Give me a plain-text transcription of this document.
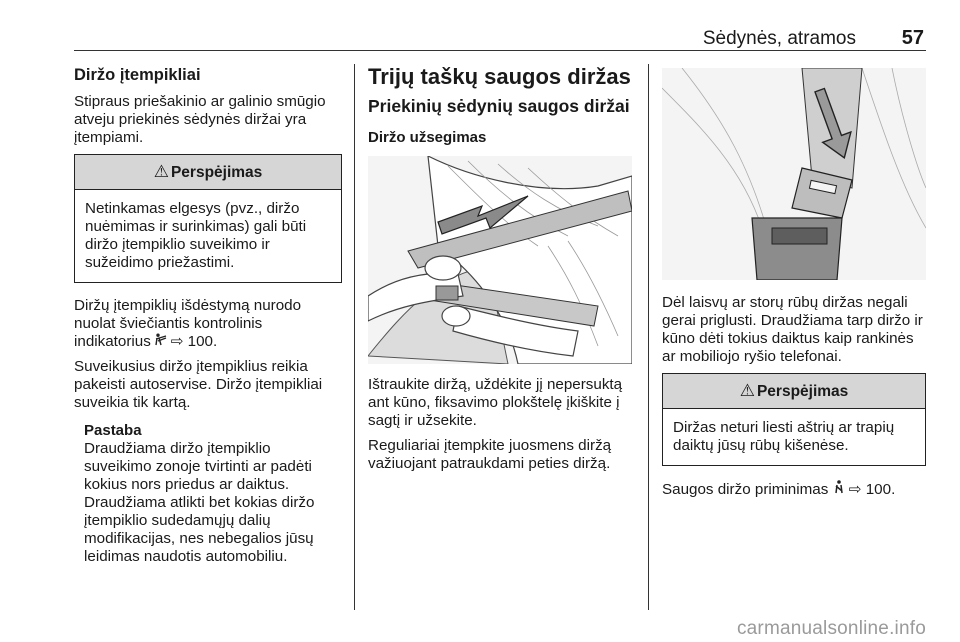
Sėdynės, atramos 57
Diržo įtempikliai

Stipraus priešakinio ar galinio smūgio atveju priekinės sėdynės diržai yra įtempiami.

⚠ Perspėjimas

Netinkamas elgesys (pvz., diržo nuėmimas ir surinkimas) gali būti diržo įtempiklio suveikimo ir sužeidimo priežastimi.

Diržų įtempiklių išdėstymą nurodo nuolat šviečiantis kontrolinis indikatorius ⇨ 100.

Suveikusius diržo įtempiklius reikia pakeisti autoservise. Diržo įtempikliai suveikia tik kartą.

Pastaba

Draudžiama diržo įtempiklio suveikimo zonoje tvirtinti ar padėti kokius nors priedus ar daiktus. Draudžiama atlikti bet kokias diržo įtempiklio sudedamųjų dalių modifikacijas, nes nebegalios jūsų leidimas naudotis automobiliu.

Trijų taškų saugos diržas
Priekinių sėdynių saugos diržai
Diržo užsegimas

Ištraukite diržą, uždėkite jį nepersuktą ant kūno, fiksavimo plokštelę įkiškite į sagtį ir užsekite.

Reguliariai įtempkite juosmens diržą važiuojant patraukdami peties diržą.

Dėl laisvų ar storų rūbų diržas negali gerai priglusti. Draudžiama tarp diržo ir kūno dėti tokius daiktus kaip rankinės ar mobiliojo ryšio telefonai.

⚠ Perspėjimas

Diržas neturi liesti aštrių ar trapių daiktų jūsų rūbų kišenėse.

Saugos diržo priminimas ⇨ 100.

carmanualsonline.info
